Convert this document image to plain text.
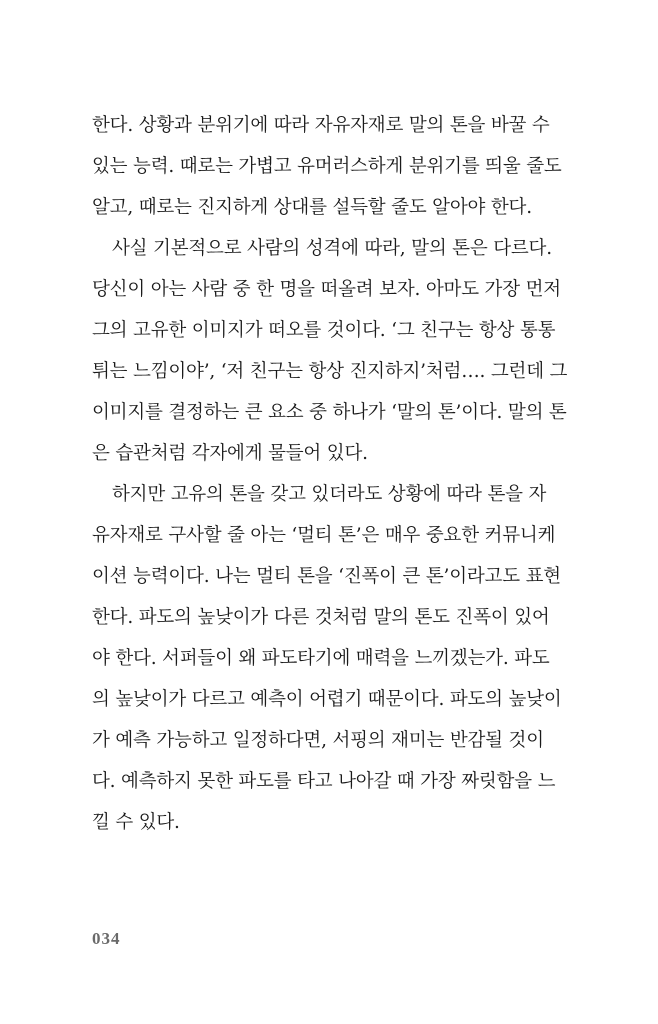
한다. 상황과 분위기에 따라 자유자재로 말의 톤을 바꿀 수
있는 능력. 때로는 가볍고 유머러스하게 분위기를 띄울 줄도
알고, 때로는 진지하게 상대를 설득할 줄도 알아야 한다.
사실 기본적으로 사람의 성격에 따라, 말의 톤은 다르다.
당신이 아는 사람 중 한 명을 떠올려 보자. 아마도 가장 먼저
그의 고유한 이미지가 떠오를 것이다. ‘그 친구는 항상 통통
튀는 느낌이야’, ‘저 친구는 항상 진지하지’처럼…. 그런데 그
이미지를 결정하는 큰 요소 중 하나가 ‘말의 톤’이다. 말의 톤
은 습관처럼 각자에게 물들어 있다.
하지만 고유의 톤을 갖고 있더라도 상황에 따라 톤을 자
유자재로 구사할 줄 아는 ‘멀티 톤’은 매우 중요한 커뮤니케
이션 능력이다. 나는 멀티 톤을 ‘진폭이 큰 톤’이라고도 표현
한다. 파도의 높낮이가 다른 것처럼 말의 톤도 진폭이 있어
야 한다. 서퍼들이 왜 파도타기에 매력을 느끼겠는가. 파도
의 높낮이가 다르고 예측이 어렵기 때문이다. 파도의 높낮이
가 예측 가능하고 일정하다면, 서핑의 재미는 반감될 것이
다. 예측하지 못한 파도를 타고 나아갈 때 가장 짜릿함을 느
낄 수 있다.
034
